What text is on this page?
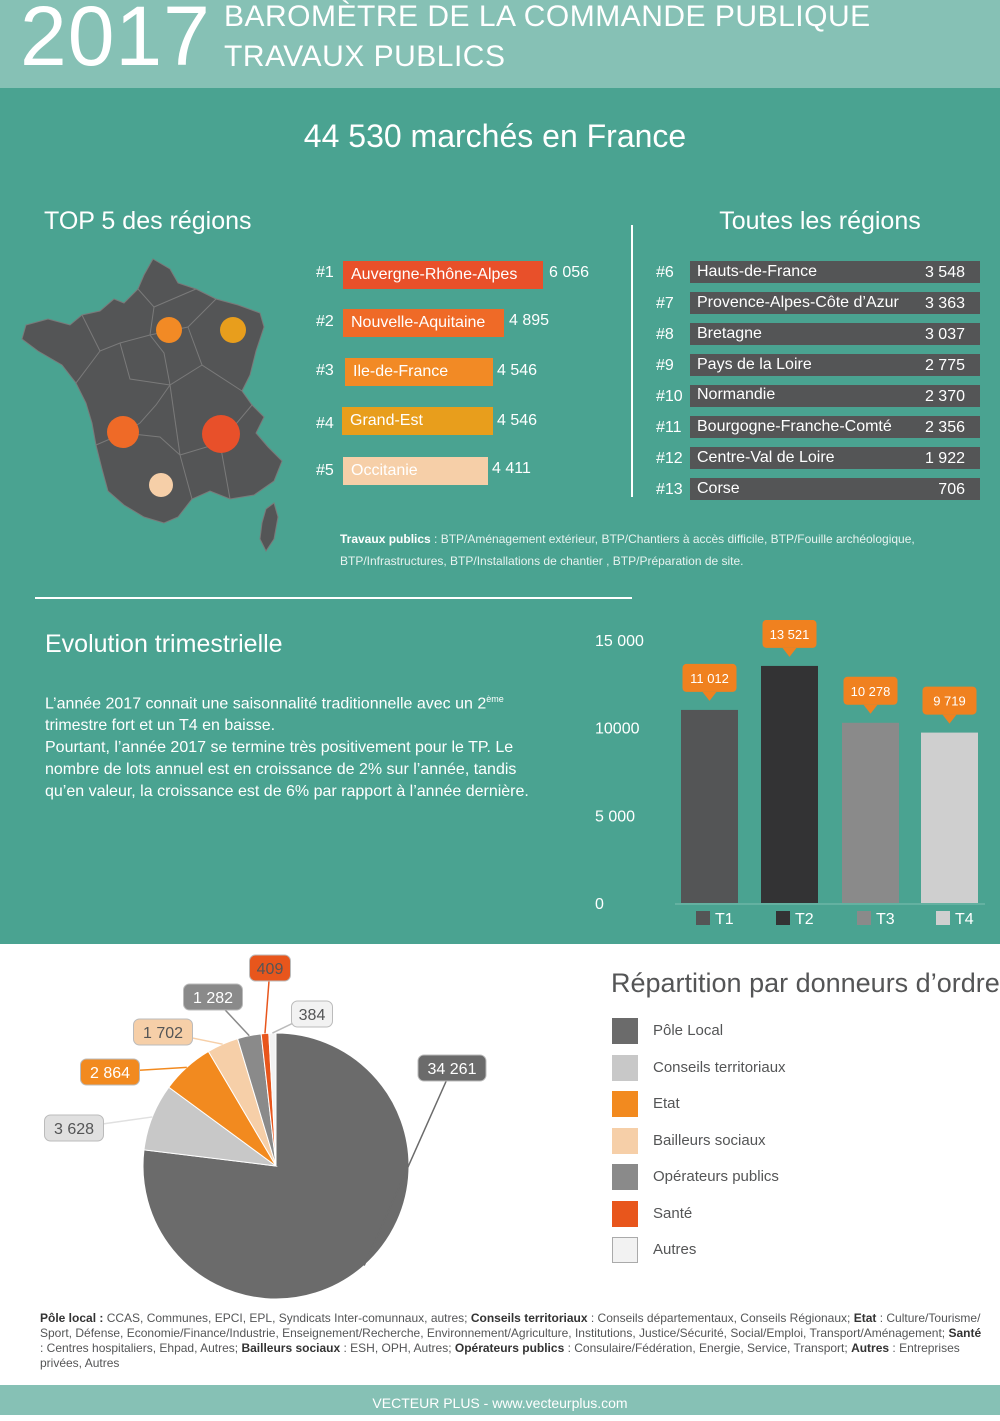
2017 BAROMÈTRE DE LA COMMANDE PUBLIQUE
TRAVAUX PUBLICS
44 530 marchés en France
TOP 5 des régions	Toutes les régions
#1	Auvergne-Rhône-Alpes	6 056
#2	Nouvelle-Aquitaine	4 895
#3	Ile-de-France	4 546
#4	Grand-Est	4 546
#5	Occitanie	4 411
#6 Hauts-de-France	3 548
#7 Provence-Alpes-Côte d’Azur	3 363
#8 Bretagne	3 037
#9 Pays de la Loire	2 775
#10 Normandie	2 370
#11 Bourgogne-Franche-Comté	2 356
#12 Centre-Val de Loire	1 922
#13 Corse	706
Travaux publics : BTP/Aménagement extérieur, BTP/Chantiers à accès difficile, BTP/Fouille archéologique, BTP/Infrastructures, BTP/Installations de chantier , BTP/Préparation de site.
Evolution trimestrielle
L’année 2017 connait une saisonnalité traditionnelle avec un 2ème trimestre fort et un T4 en baisse.
Pourtant, l’année 2017 se termine très positivement pour le TP. Le nombre de lots annuel est en croissance de 2% sur l’année, tandis qu’en valeur, la croissance est de 6% par rapport à l’année dernière.
0
5 000
10000
15 000
11 012
T1
13 521
T2
10 278
T3
9 719
T4
34 261
3 628
2 864
1 702
1 282
409
384
Répartition par donneurs d’ordre
Pôle Local
Conseils territoriaux
Etat
Bailleurs sociaux
Opérateurs publics
Santé
Autres
Pôle local : CCAS, Communes, EPCI, EPL, Syndicats Inter-comunnaux, autres; Conseils territoriaux : Conseils départementaux, Conseils Régionaux; Etat : Culture/Tourisme/ Sport, Défense, Economie/Finance/Industrie, Enseignement/Recherche, Environnement/Agriculture, Institutions, Justice/Sécurité, Social/Emploi, Transport/Aménagement; Santé : Centres hospitaliers, Ehpad, Autres; Bailleurs sociaux : ESH, OPH, Autres; Opérateurs publics : Consulaire/Fédération, Energie, Service, Transport; Autres : Entreprises privées, Autres
VECTEUR PLUS - www.vecteurplus.com
